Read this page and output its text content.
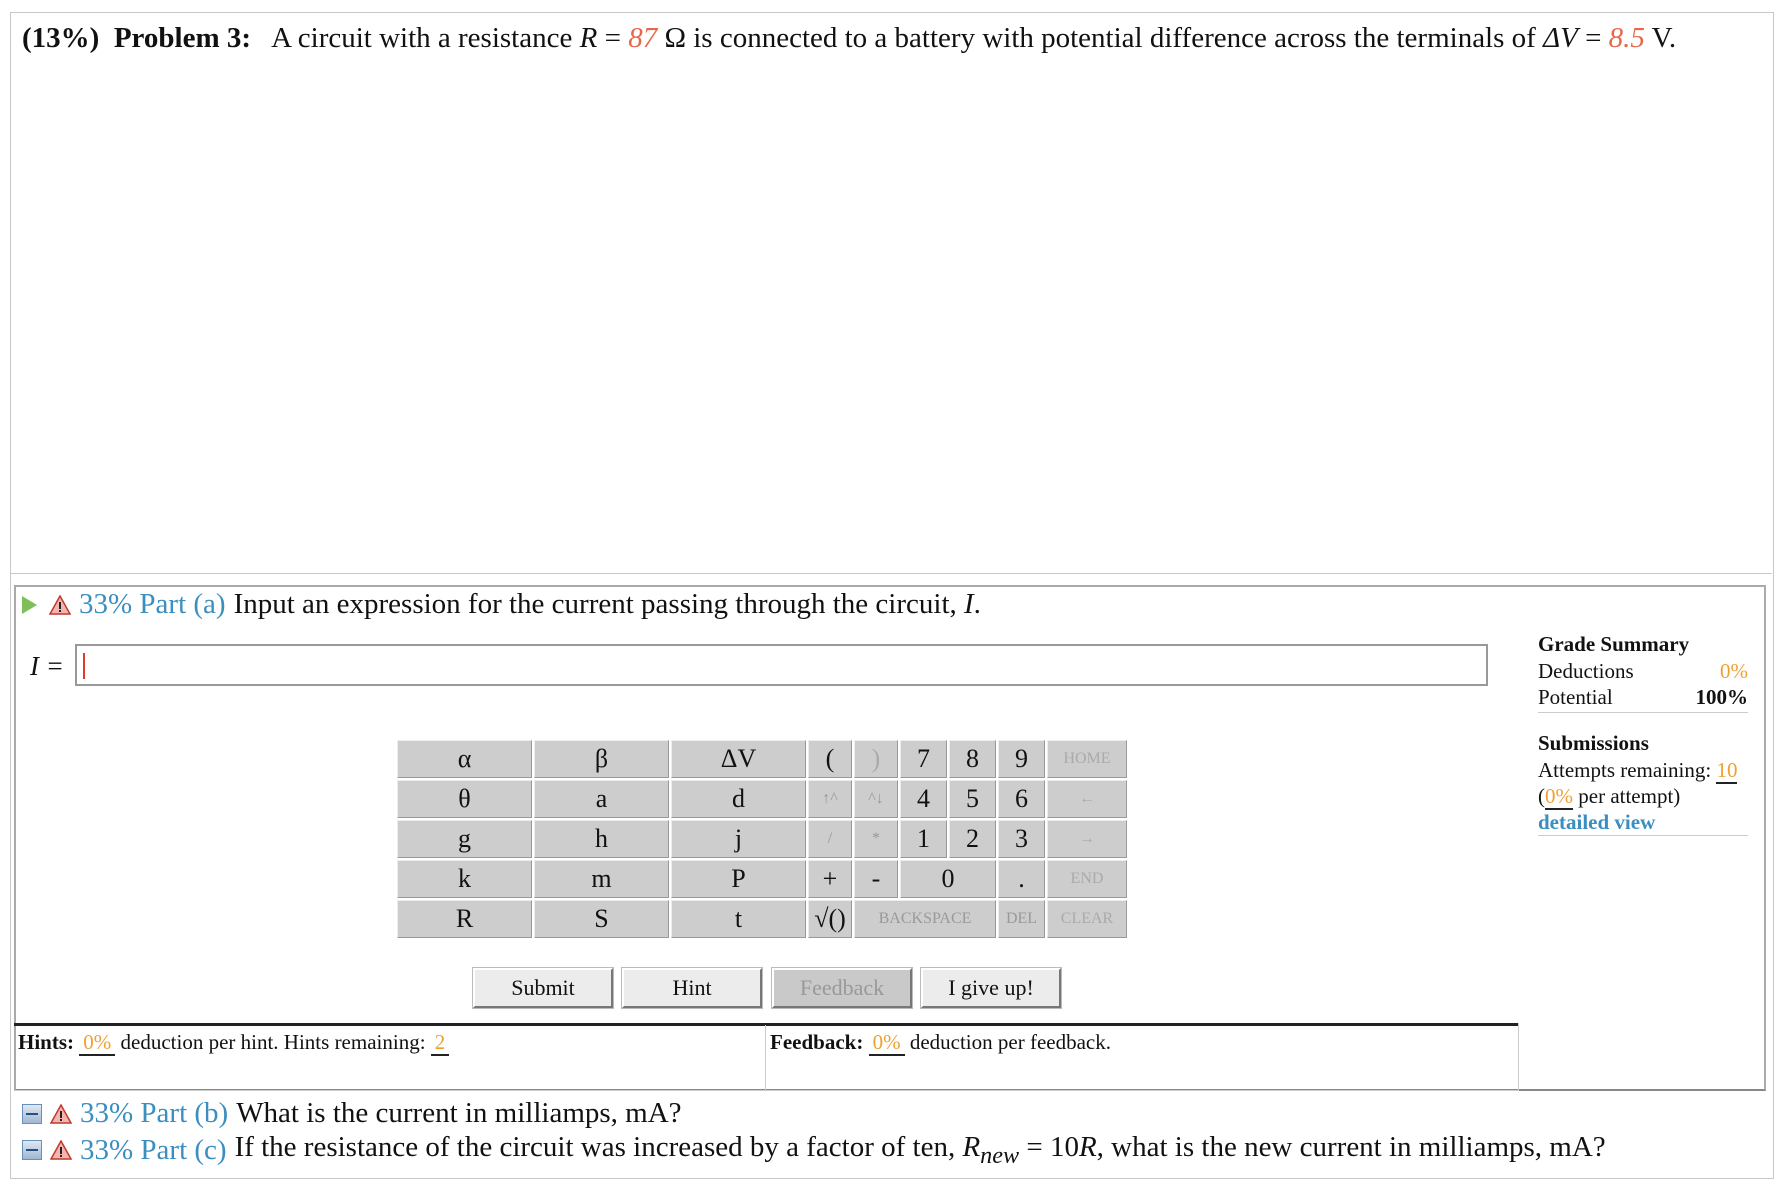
(13%) Problem 3: A circuit with a resistance R = 87 Ω is connected to a battery with potential difference across the terminals of ΔV = 8.5 V.
33% Part (a) Input an expression for the current passing through the circuit, I.
I =
α	β	ΔV	(	)	7	8	9	HOME
θ	a	d	↑^	^↓	4	5	6	←
g	h	j	/	*	1	2	3	→
k	m	P	+	-	0		.	END
R	S	t	√()	BACKSPACE			DEL	CLEAR
Submit	Hint	Feedback	I give up!
Hints: 0% deduction per hint. Hints remaining: 2	Feedback: 0% deduction per feedback.
Grade Summary
Deductions	0%
Potential	100%
Submissions
Attempts remaining: 10
(0% per attempt)
detailed view
33% Part (b) What is the current in milliamps, mA?
33% Part (c) If the resistance of the circuit was increased by a factor of ten, $R_{new} = 10R$, what is the new current in milliamps, mA?
